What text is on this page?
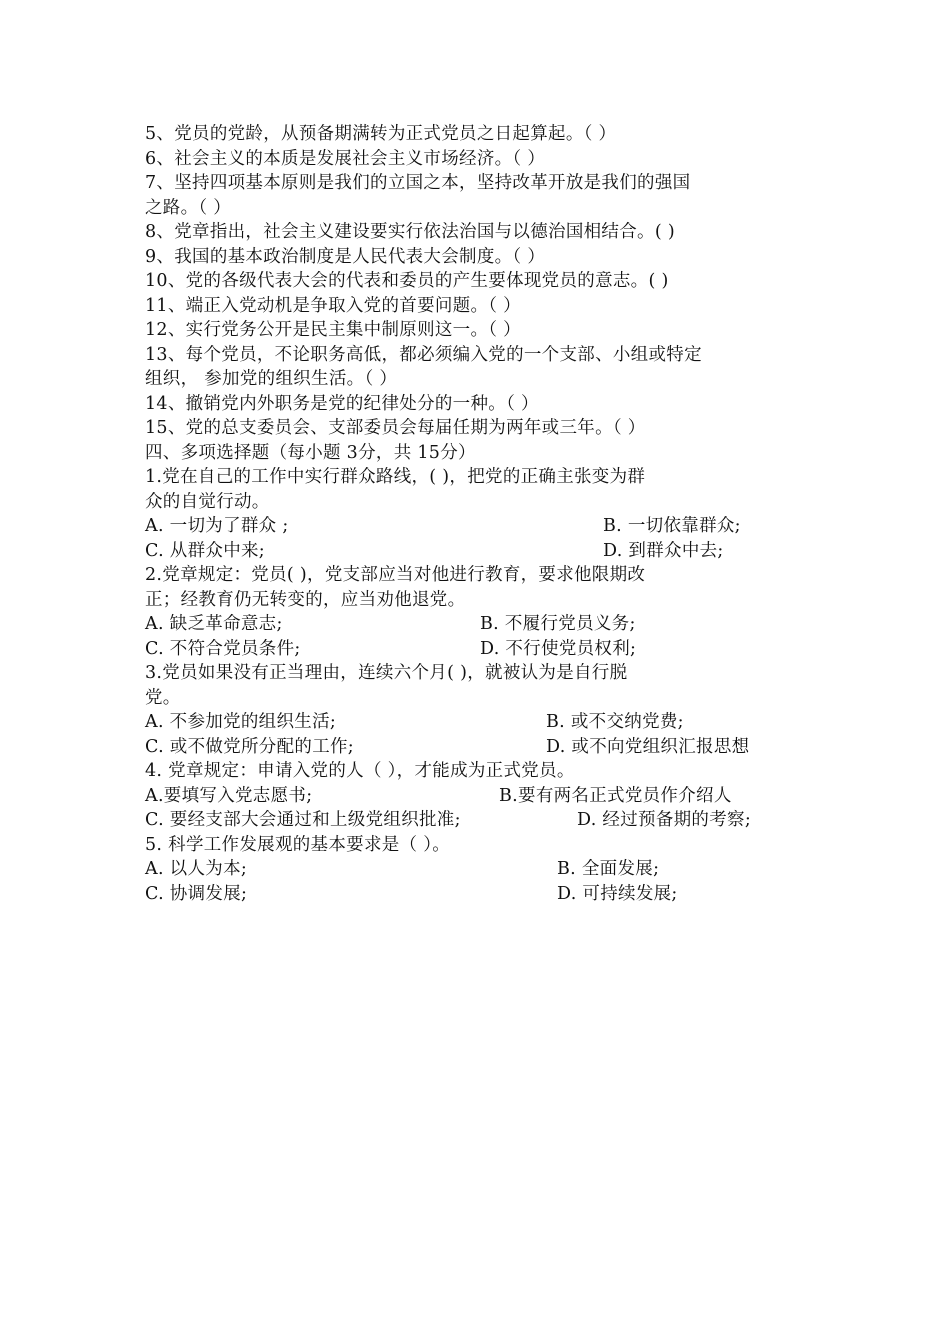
5、党员的党龄，从预备期满转为正式党员之日起算起。（ ）
6、社会主义的本质是发展社会主义市场经济。（ ）
7、坚持四项基本原则是我们的立国之本，坚持改革开放是我们的强国
之路。（ ）
8、党章指出，社会主义建设要实行依法治国与以德治国相结合。( )
9、我国的基本政治制度是人民代表大会制度。（ ）
10、党的各级代表大会的代表和委员的产生要体现党员的意志。( )
11、端正入党动机是争取入党的首要问题。（ ）
12、实行党务公开是民主集中制原则这一。（ ）
13、每个党员，不论职务高低，都必须编入党的一个支部、小组或特定
组织， 参加党的组织生活。（ ）
14、撤销党内外职务是党的纪律处分的一种。（ ）
15、党的总支委员会、支部委员会每届任期为两年或三年。（ ）
四、多项选择题（每小题 3分，共 15分）
1.党在自己的工作中实行群众路线，( )，把党的正确主张变为群
众的自觉行动。
A. 一切为了群众 ;	B. 一切依靠群众;
C. 从群众中来;	D. 到群众中去;
2.党章规定：党员( )，党支部应当对他进行教育，要求他限期改
正；经教育仍无转变的，应当劝他退党。
A. 缺乏革命意志;	B. 不履行党员义务;
C. 不符合党员条件;	D. 不行使党员权利;
3.党员如果没有正当理由，连续六个月( )，就被认为是自行脱
党。
A. 不参加党的组织生活;	B. 或不交纳党费;
C. 或不做党所分配的工作;	D. 或不向党组织汇报思想
4. 党章规定：申请入党的人（ ），才能成为正式党员。
A.要填写入党志愿书;	B.要有两名正式党员作介绍人
C. 要经支部大会通过和上级党组织批准;	D. 经过预备期的考察;
5. 科学工作发展观的基本要求是（ ）。
A. 以人为本;	B. 全面发展;
C. 协调发展;	D. 可持续发展;
